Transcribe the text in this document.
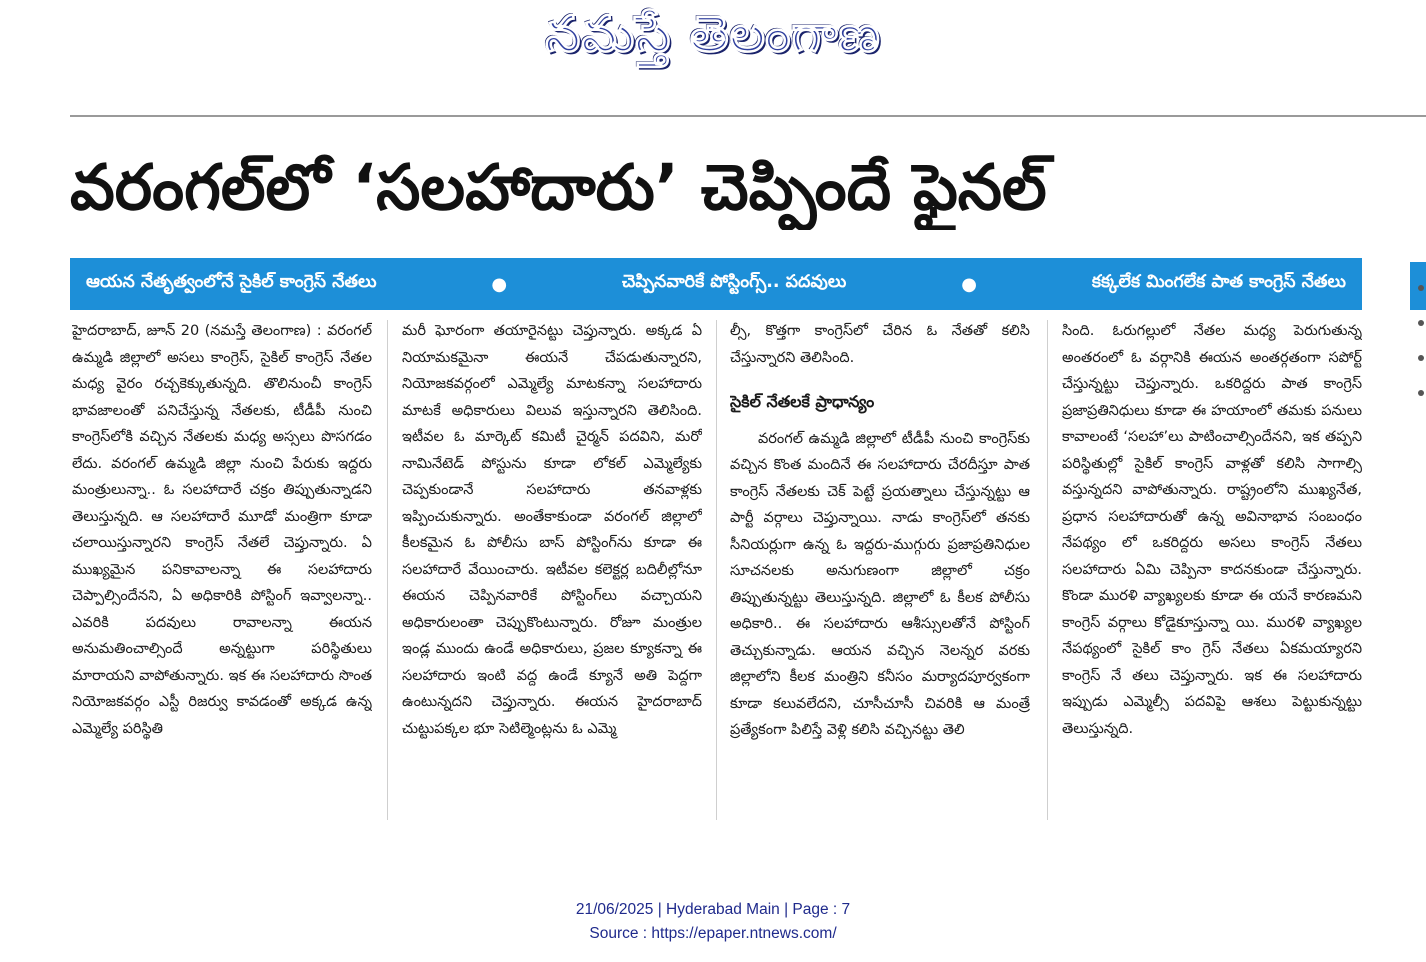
నమస్తే తెలంగాణ
వరంగల్‌లో ‘సలహాదారు’ చెప్పిందే ఫైనల్
ఆయన నేతృత్వంలోనే సైకిల్ కాంగ్రెస్ నేతలు	●	చెప్పినవారికే పోస్టింగ్స్.. పదవులు	●	కక్కలేక మింగలేక పాత కాంగ్రెస్ నేతలు

హైదరాబాద్, జూన్ 20 (నమస్తే తెలంగాణ) : వరంగల్ ఉమ్మడి జిల్లాలో అసలు కాంగ్రెస్, సైకిల్ కాంగ్రెస్ నేతల మధ్య వైరం రచ్చకెక్కుతున్నది. తొలినుంచీ కాంగ్రెస్ భావజాలంతో పనిచేస్తున్న నేతలకు, టీడీపీ నుంచి కాంగ్రెస్‌లోకి వచ్చిన నేతలకు మధ్య అస్సలు పొసగడం లేదు. వరంగల్ ఉమ్మడి జిల్లా నుంచి పేరుకు ఇద్దరు మంత్రులున్నా.. ఓ సలహాదారే చక్రం తిప్పుతున్నాడని తెలుస్తున్నది. ఆ సలహాదారే మూడో మంత్రిగా కూడా చలాయిస్తున్నారని కాంగ్రెస్ నేతలే చెప్తున్నారు. ఏ ముఖ్యమైన పనికావాలన్నా ఈ సలహాదారు చెప్పాల్సిందేనని, ఏ అధికారికి పోస్టింగ్ ఇవ్వాలన్నా.. ఎవరికి పదవులు రావాలన్నా ఈయన అనుమతించాల్సిందే అన్నట్టుగా పరిస్థితులు మారాయని వాపోతున్నారు. ఇక ఈ సలహాదారు సొంత నియోజకవర్గం ఎస్టీ రిజర్వు కావడంతో అక్కడ ఉన్న ఎమ్మెల్యే పరిస్థితి

మరీ ఘోరంగా తయారైనట్టు చెప్తున్నారు. అక్కడ ఏ నియామకమైనా ఈయనే చేపడుతున్నారని, నియోజకవర్గంలో ఎమ్మెల్యే మాటకన్నా సలహాదారు మాటకే అధికారులు విలువ ఇస్తున్నారని తెలిసింది. ఇటీవల ఓ మార్కెట్ కమిటీ చైర్మన్ పదవిని, మరో నామినేటెడ్ పోస్టును కూడా లోకల్ ఎమ్మెల్యేకు చెప్పకుండానే సలహాదారు తనవాళ్లకు ఇప్పించుకున్నారు. అంతేకాకుండా వరంగల్ జిల్లాలో కీలకమైన ఓ పోలీసు బాస్ పోస్టింగ్‌ను కూడా ఈ సలహాదారే వేయించారు. ఇటీవల కలెక్టర్ల బదిలీల్లోనూ ఈయన చెప్పినవారికే పోస్టింగ్‌లు వచ్చాయని అధికారులంతా చెప్పుకొంటున్నారు. రోజూ మంత్రుల ఇండ్ల ముందు ఉండే అధికారులు, ప్రజల క్యూకన్నా ఈ సలహాదారు ఇంటి వద్ద ఉండే క్యూనే అతి పెద్దగా ఉంటున్నదని చెప్తున్నారు. ఈయన హైదరాబాద్ చుట్టుపక్కల భూ సెటిల్మెంట్లను ఓ ఎమ్మె

ల్సీ, కొత్తగా కాంగ్రెస్‌లో చేరిన ఓ నేతతో కలిసి చేస్తున్నారని తెలిసింది.

సైకిల్ నేతలకే ప్రాధాన్యం

వరంగల్ ఉమ్మడి జిల్లాలో టీడీపీ నుంచి కాంగ్రెస్‌కు వచ్చిన కొంత మందినే ఈ సలహాదారు చేరదీస్తూ పాత కాంగ్రెస్ నేతలకు చెక్ పెట్టే ప్రయత్నాలు చేస్తున్నట్టు ఆ పార్టీ వర్గాలు చెప్తున్నాయి. నాడు కాంగ్రెస్‌లో తనకు సీనియర్లుగా ఉన్న ఓ ఇద్దరు-ముగ్గురు ప్రజాప్రతినిధుల సూచనలకు అనుగుణంగా జిల్లాలో చక్రం తిప్పుతున్నట్టు తెలుస్తున్నది. జిల్లాలో ఓ కీలక పోలీసు అధికారి.. ఈ సలహాదారు ఆశీస్సులతోనే పోస్టింగ్ తెచ్చుకున్నాడు. ఆయన వచ్చిన నెలన్నర వరకు జిల్లాలోని కీలక మంత్రిని కనీసం మర్యాదపూర్వకంగా కూడా కలువలేదని, చూసీచూసీ చివరికి ఆ మంత్రే ప్రత్యేకంగా పిలిస్తే వెళ్లి కలిసి వచ్చినట్టు తెలి

సింది. ఓరుగల్లులో నేతల మధ్య పెరుగుతున్న అంతరంలో ఓ వర్గానికి ఈయన అంతర్గతంగా సపోర్ట్ చేస్తున్నట్టు చెప్తున్నారు. ఒకరిద్దరు పాత కాంగ్రెస్ ప్రజాప్రతినిధులు కూడా ఈ హయాంలో తమకు పనులు కావాలంటే ‘సలహా’లు పాటించాల్సిందేనని, ఇక తప్పని పరిస్థితుల్లో సైకిల్ కాంగ్రెస్ వాళ్లతో కలిసి సాగాల్సి వస్తున్నదని వాపోతున్నారు. రాష్ట్రంలోని ముఖ్యనేత, ప్రధాన సలహాదారుతో ఉన్న అవినాభావ సంబంధం నేపథ్యం లో ఒకరిద్దరు అసలు కాంగ్రెస్ నేతలు సలహాదారు ఏమి చెప్పినా కాదనకుండా చేస్తున్నారు. కొండా మురళి వ్యాఖ్యలకు కూడా ఈ యనే కారణమని కాంగ్రెస్ వర్గాలు కోడైకూస్తున్నా యి. మురళి వ్యాఖ్యల నేపథ్యంలో సైకిల్ కాం గ్రెస్ నేతలు ఏకమయ్యారని కాంగ్రెస్ నే తలు చెప్తున్నారు. ఇక ఈ సలహాదారు ఇప్పుడు ఎమ్మెల్సీ పదవిపై ఆశలు పెట్టుకున్నట్టు తెలుస్తున్నది.

21/06/2025 | Hyderabad Main | Page : 7
Source : https://epaper.ntnews.com/
